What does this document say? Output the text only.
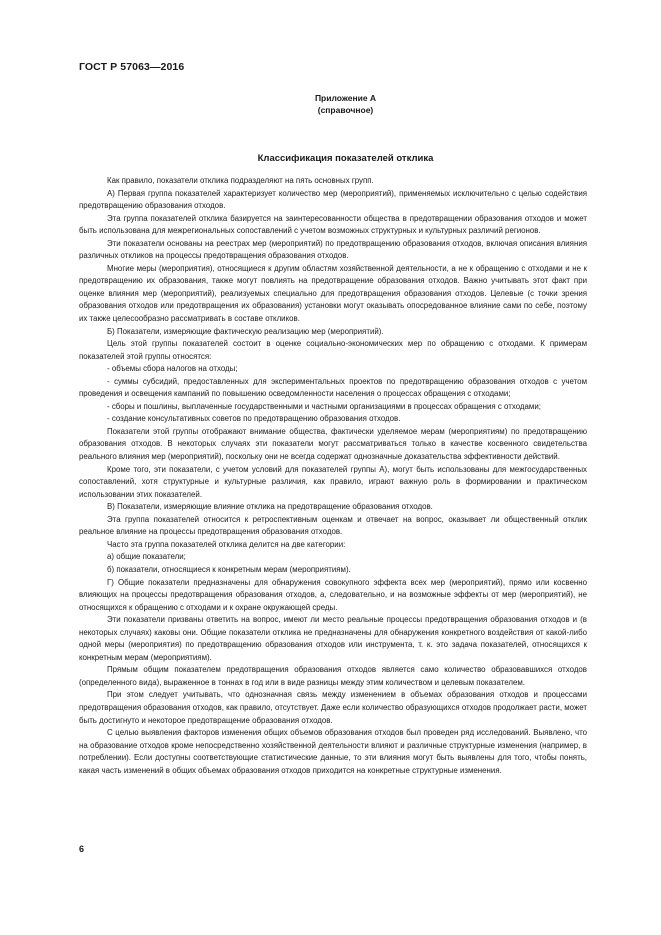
ГОСТ Р 57063—2016
Приложение А
(справочное)
Классификация показателей отклика

Как правило, показатели отклика подразделяют на пять основных групп.

А) Первая группа показателей характеризует количество мер (мероприятий), применяемых исключительно с целью содействия предотвращению образования отходов.

Эта группа показателей отклика базируется на заинтересованности общества в предотвращении образования отходов и может быть использована для межрегиональных сопоставлений с учетом возможных структурных и культурных различий регионов.

Эти показатели основаны на реестрах мер (мероприятий) по предотвращению образования отходов, включая описания влияния различных откликов на процессы предотвращения образования отходов.

Многие меры (мероприятия), относящиеся к другим областям хозяйственной деятельности, а не к обращению с отходами и не к предотвращению их образования, также могут повлиять на предотвращение образования отходов. Важно учитывать этот факт при оценке влияния мер (мероприятий), реализуемых специально для предотвращения образования отходов. Целевые (с точки зрения образования отходов или предотвращения их образования) установки могут оказывать опосредованное влияние сами по себе, поэтому их также целесообразно рассматривать в составе откликов.

Б) Показатели, измеряющие фактическую реализацию мер (мероприятий).

Цель этой группы показателей состоит в оценке социально-экономических мер по обращению с отходами. К примерам показателей этой группы относятся:

- объемы сбора налогов на отходы;

- суммы субсидий, предоставленных для экспериментальных проектов по предотвращению образования отходов с учетом проведения и освещения кампаний по повышению осведомленности населения о процессах обращения с отходами;

- сборы и пошлины, выплаченные государственными и частными организациями в процессах обращения с отходами;

- создание консультативных советов по предотвращению образования отходов.

Показатели этой группы отображают внимание общества, фактически уделяемое мерам (мероприятиям) по предотвращению образования отходов. В некоторых случаях эти показатели могут рассматриваться только в качестве косвенного свидетельства реального влияния мер (мероприятий), поскольку они не всегда содержат однозначные доказательства эффективности действий.

Кроме того, эти показатели, с учетом условий для показателей группы А), могут быть использованы для межгосударственных сопоставлений, хотя структурные и культурные различия, как правило, играют важную роль в формировании и практическом использовании этих показателей.

В) Показатели, измеряющие влияние отклика на предотвращение образования отходов.

Эта группа показателей относится к ретроспективным оценкам и отвечает на вопрос, оказывает ли общественный отклик реальное влияние на процессы предотвращения образования отходов.

Часто эта группа показателей отклика делится на две категории:

а) общие показатели;

б) показатели, относящиеся к конкретным мерам (мероприятиям).

Г) Общие показатели предназначены для обнаружения совокупного эффекта всех мер (мероприятий), прямо или косвенно влияющих на процессы предотвращения образования отходов, а, следовательно, и на возможные эффекты от мер (мероприятий), не относящихся к обращению с отходами и к охране окружающей среды.

Эти показатели призваны ответить на вопрос, имеют ли место реальные процессы предотвращения образования отходов и (в некоторых случаях) каковы они. Общие показатели отклика не предназначены для обнаружения конкретного воздействия от какой-либо одной меры (мероприятия) по предотвращению образования отходов или инструмента, т. к. это задача показателей, относящихся к конкретным мерам (мероприятиям).

Прямым общим показателем предотвращения образования отходов является само количество образовавшихся отходов (определенного вида), выраженное в тоннах в год или в виде разницы между этим количеством и целевым показателем.

При этом следует учитывать, что однозначная связь между изменением в объемах образования отходов и процессами предотвращения образования отходов, как правило, отсутствует. Даже если количество образующихся отходов продолжает расти, может быть достигнуто и некоторое предотвращение образования отходов.

С целью выявления факторов изменения общих объемов образования отходов был проведен ряд исследований. Выявлено, что на образование отходов кроме непосредственно хозяйственной деятельности влияют и различные структурные изменения (например, в потреблении). Если доступны соответствующие статистические данные, то эти влияния могут быть выявлены для того, чтобы понять, какая часть изменений в общих объемах образования отходов приходится на конкретные структурные изменения.

6
